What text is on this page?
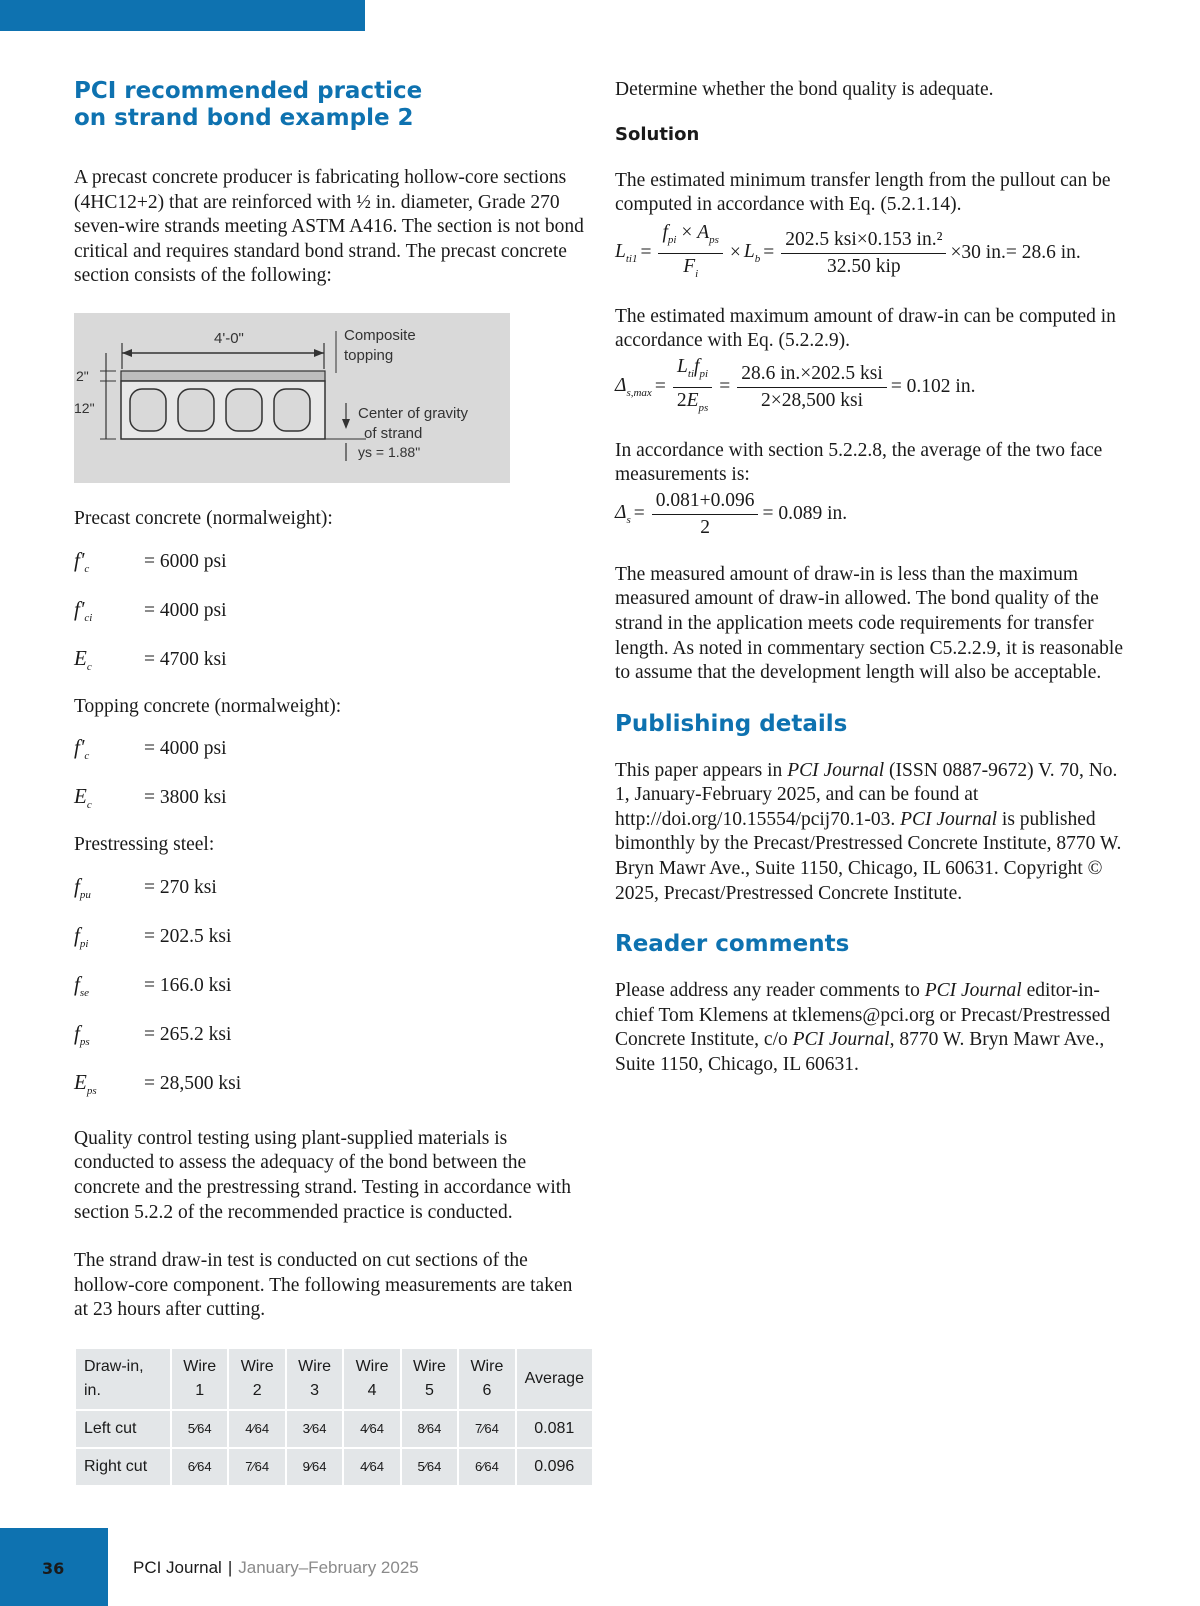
PCI recommended practice
on strand bond example 2

A precast concrete producer is fabricating hollow-core sections (4HC12+2) that are reinforced with ½ in. diameter, Grade 270 seven-wire strands meeting ASTM A416. The section is not bond critical and requires standard bond strand. The precast concrete section consists of the following:

4'-0"
2"
12"
Composite
topping
Center of gravity
of strand
ys = 1.88"

Precast concrete (normalweight):

$f'_c$	= 6000 psi
$f'_{ci}$	= 4000 psi
$E_c$	= 4700 ksi

Topping concrete (normalweight):

$f'_c$	= 4000 psi
$E_c$	= 3800 ksi

Prestressing steel:

$f_{pu}$	= 270 ksi
$f_{pi}$	= 202.5 ksi
$f_{se}$	= 166.0 ksi
$f_{ps}$	= 265.2 ksi
$E_{ps}$	= 28,500 ksi

Quality control testing using plant-supplied materials is conducted to assess the adequacy of the bond between the concrete and the prestressing strand. Testing in accordance with section 5.2.2 of the recommended practice is conducted.

The strand draw-in test is conducted on cut sections of the hollow-core component. The following measurements are taken at 23 hours after cutting.

Draw-in, in.	Wire 1	Wire 2	Wire 3	Wire 4	Wire 5	Wire 6	Average
Left cut	5⁄64	4⁄64	3⁄64	4⁄64	8⁄64	7⁄64	0.081
Right cut	6⁄64	7⁄64	9⁄64	4⁄64	5⁄64	6⁄64	0.096

Determine whether the bond quality is adequate.

Solution

The estimated minimum transfer length from the pullout can be computed in accordance with Eq. (5.2.1.14).

$L_{ti1} = \frac{f_{pi} \times A_{ps}}{F_i} \times L_b = \frac{\text{202.5 ksi×0.153 in.²}}{\text{32.50 kip}} \times 30$ in.= 28.6 in.

The estimated maximum amount of draw-in can be computed in accordance with Eq. (5.2.2.9).

$\Delta_{s,max} = \frac{L_{ti}f_{pi}}{2E_{ps}} = \frac{\text{28.6 in.×202.5 ksi}}{\text{2×28,500 ksi}} = 0.102$ in.

In accordance with section 5.2.2.8, the average of the two face measurements is:

$\Delta_s = \frac{0.081+0.096}{2} = 0.089$ in.

The measured amount of draw-in is less than the maximum measured amount of draw-in allowed. The bond quality of the strand in the application meets code requirements for transfer length. As noted in commentary section C5.2.2.9, it is reasonable to assume that the development length will also be acceptable.

Publishing details

This paper appears in PCI Journal (ISSN 0887-9672) V. 70, No. 1, January-February 2025, and can be found at http://doi.org/10.15554/pcij70.1-03. PCI Journal is published bimonthly by the Precast/Prestressed Concrete Institute, 8770 W. Bryn Mawr Ave., Suite 1150, Chicago, IL 60631. Copyright © 2025, Precast/Prestressed Concrete Institute.

Reader comments

Please address any reader comments to PCI Journal editor-in-chief Tom Klemens at tklemens@pci.org or Precast/Prestressed Concrete Institute, c/o PCI Journal, 8770 W. Bryn Mawr Ave., Suite 1150, Chicago, IL 60631.

36	PCI Journal | January–February 2025
